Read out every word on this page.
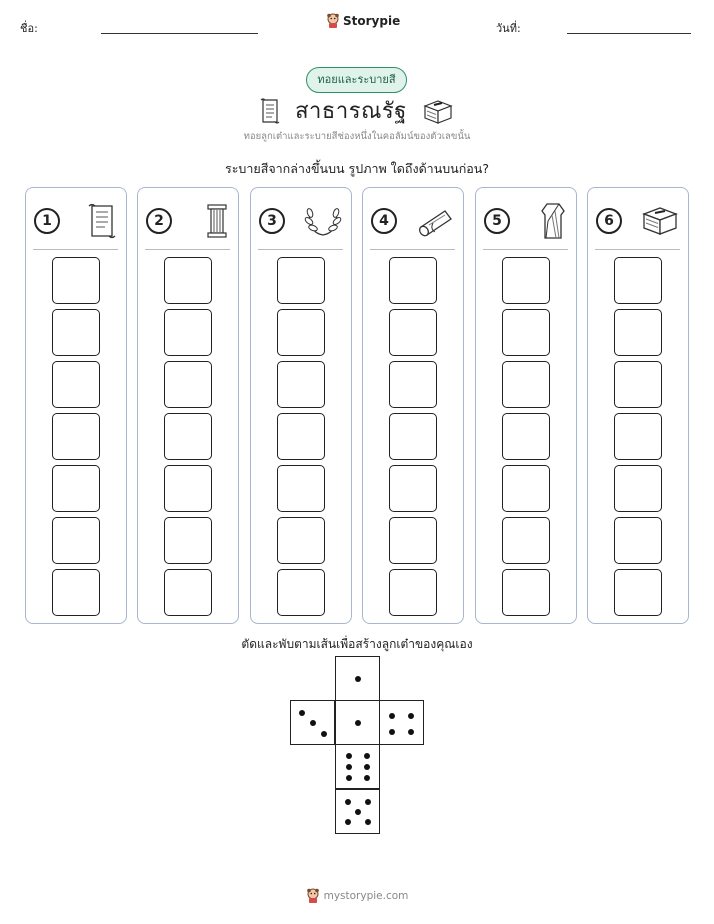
ชื่อ:
Storypie
วันที่:
ทอยและระบายสี
สาธารณรัฐ
ทอยลูกเต๋าและระบายสีช่องหนึ่งในคอลัมน์ของตัวเลขนั้น
ระบายสีจากล่างขึ้นบน รูปภาพ ใดถึงด้านบนก่อน?
1	2	3	4	5	6
ตัดและพับตามเส้นเพื่อสร้างลูกเต๋าของคุณเอง
mystorypie.com
